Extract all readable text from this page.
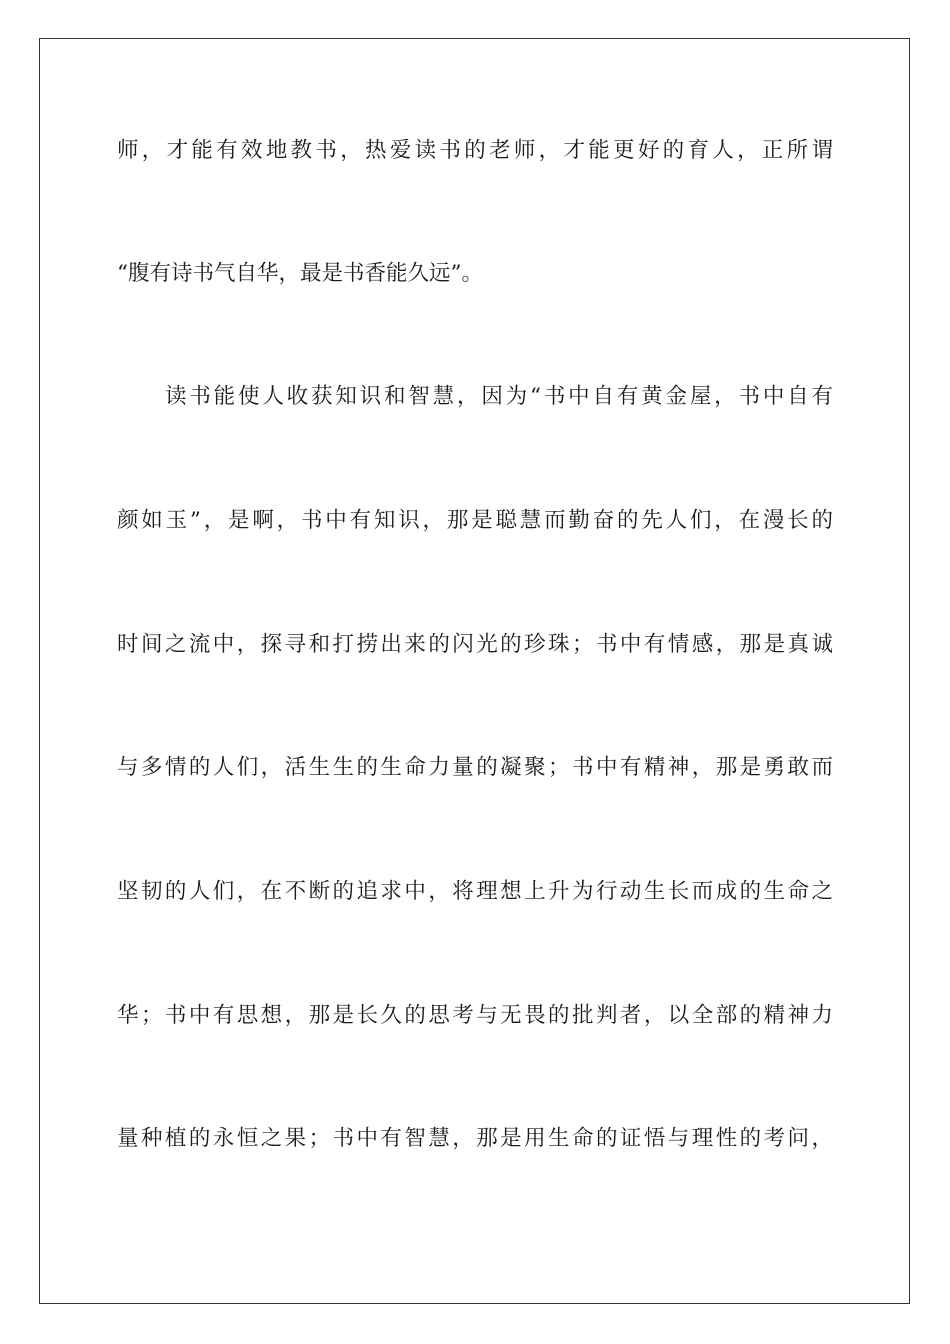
师，才能有效地教书，热爱读书的老师，才能更好的育人，正所谓
“腹有诗书气自华，最是书香能久远”。
读书能使人收获知识和智慧，因为“书中自有黄金屋，书中自有
颜如玉”，是啊，书中有知识，那是聪慧而勤奋的先人们，在漫长的
时间之流中，探寻和打捞出来的闪光的珍珠；书中有情感，那是真诚
与多情的人们，活生生的生命力量的凝聚；书中有精神，那是勇敢而
坚韧的人们，在不断的追求中，将理想上升为行动生长而成的生命之
华；书中有思想，那是长久的思考与无畏的批判者，以全部的精神力
量种植的永恒之果；书中有智慧，那是用生命的证悟与理性的考问，
